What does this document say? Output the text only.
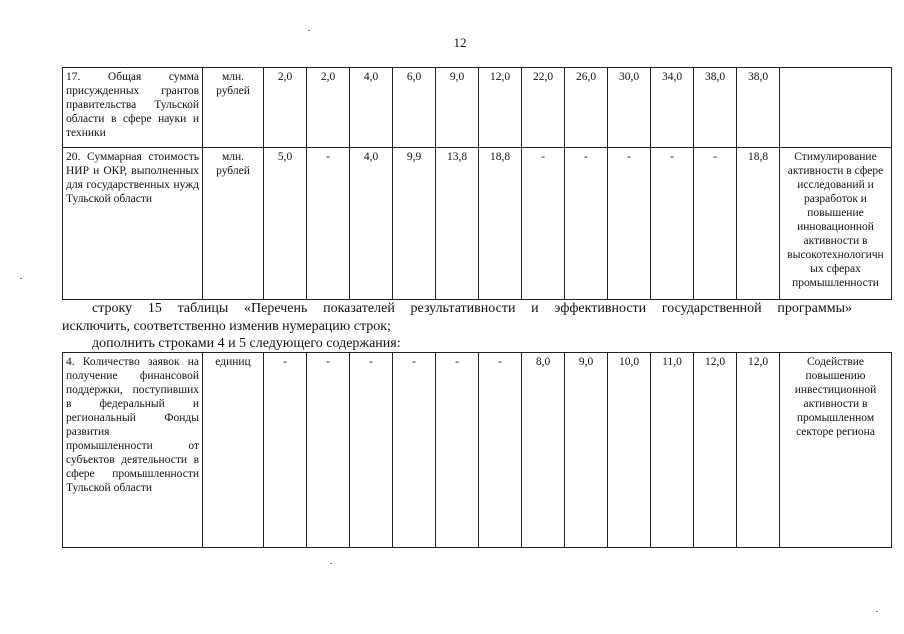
12
17. Общая сумма присужденных грантов правительства Тульской области в сфере науки и техники	млн. рублей	2,0	2,0	4,0	6,0	9,0	12,0	22,0	26,0	30,0	34,0	38,0	38,0	
20. Суммарная стоимость НИР и ОКР, выполненных для государственных нужд Тульской области	млн. рублей	5,0	-	4,0	9,9	13,8	18,8	-	-	-	-	-	18,8	Стимулирование активности в сфере исследований и разработок и повышение инновационной активности в высокотехнологичн ых сферах промышленности
строку 15 таблицы «Перечень показателей результативности и эффективности государственной программы»
исключить, соответственно изменив нумерацию строк;
дополнить строками 4 и 5 следующего содержания:
4. Количество заявок на получение финансовой поддержки, поступивших в федеральный и региональный Фонды развития промышленности от субъектов деятельности в сфере промышленности Тульской области	единиц	-	-	-	-	-	-	8,0	9,0	10,0	11,0	12,0	12,0	Содействие повышению инвестиционной активности в промышленном секторе региона
